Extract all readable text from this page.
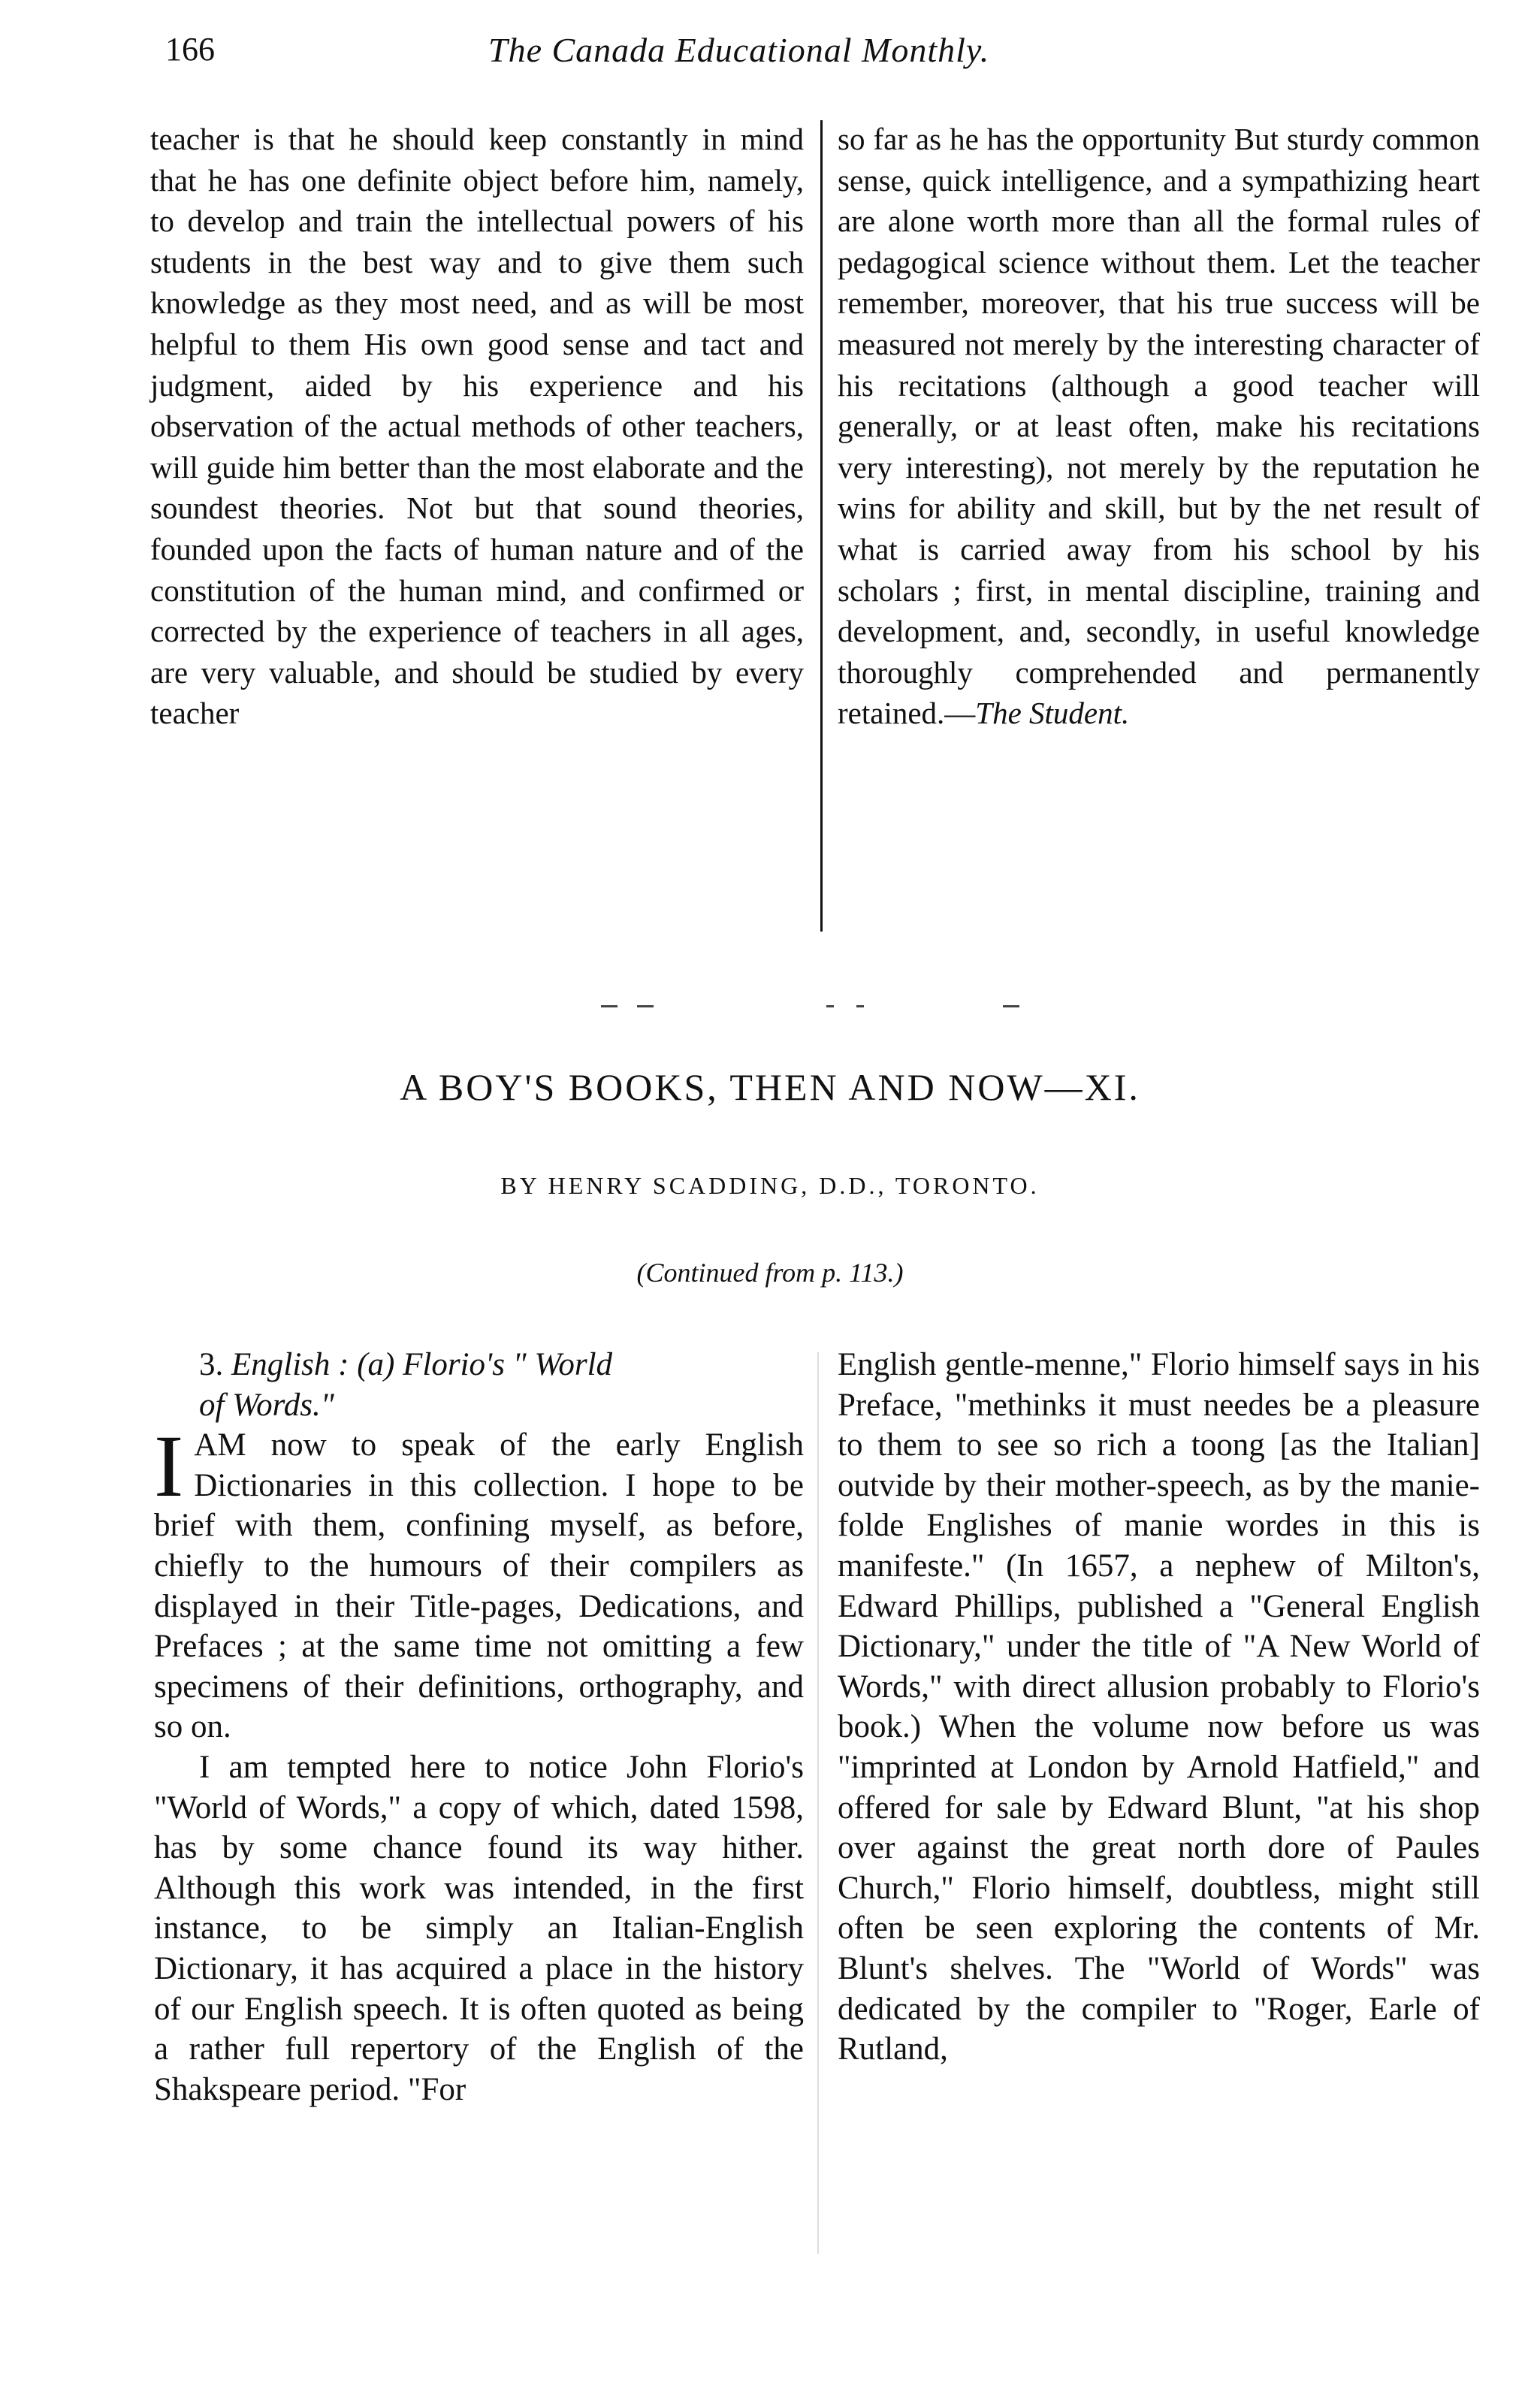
166	The Canada Educational Monthly.

teacher is that he should keep constantly in mind that he has one definite object before him, namely, to develop and train the intellectual powers of his students in the best way and to give them such knowledge as they most need, and as will be most helpful to them His own good sense and tact and judgment, aided by his experience and his observation of the actual methods of other teachers, will guide him better than the most elaborate and the soundest theories. Not but that sound theories, founded upon the facts of human nature and of the constitution of the human mind, and confirmed or corrected by the experience of teachers in all ages, are very valuable, and should be studied by every teacher

so far as he has the opportunity But sturdy common sense, quick intelligence, and a sympathizing heart are alone worth more than all the formal rules of pedagogical science without them. Let the teacher remember, moreover, that his true success will be measured not merely by the interesting character of his recitations (although a good teacher will generally, or at least often, make his recitations very interesting), not merely by the reputation he wins for ability and skill, but by the net result of what is carried away from his school by his scholars ; first, in mental discipline, training and development, and, secondly, in useful knowledge thoroughly comprehended and permanently retained.—The Student.

A BOY'S BOOKS, THEN AND NOW—XI.
BY HENRY SCADDING, D.D., TORONTO.
(Continued from p. 113.)

3. English : (a) Florio's " World

of Words."

IAM now to speak of the early English Dictionaries in this collection. I hope to be brief with them, confining myself, as before, chiefly to the humours of their compilers as displayed in their Title-pages, Dedications, and Prefaces ; at the same time not omitting a few specimens of their definitions, orthography, and so on.

I am tempted here to notice John Florio's "World of Words," a copy of which, dated 1598, has by some chance found its way hither. Although this work was intended, in the first instance, to be simply an Italian-English Dictionary, it has acquired a place in the history of our English speech. It is often quoted as being a rather full repertory of the English of the Shakspeare period. "For

English gentle-menne," Florio himself says in his Preface, "methinks it must needes be a pleasure to them to see so rich a toong [as the Italian] outvide by their mother-speech, as by the manie-folde Englishes of manie wordes in this is manifeste." (In 1657, a nephew of Milton's, Edward Phillips, published a "General English Dictionary," under the title of "A New World of Words," with direct allusion probably to Florio's book.) When the volume now before us was "imprinted at London by Arnold Hatfield," and offered for sale by Edward Blunt, "at his shop over against the great north dore of Paules Church," Florio himself, doubtless, might still often be seen exploring the contents of Mr. Blunt's shelves. The "World of Words" was dedicated by the compiler to "Roger, Earle of Rutland,
